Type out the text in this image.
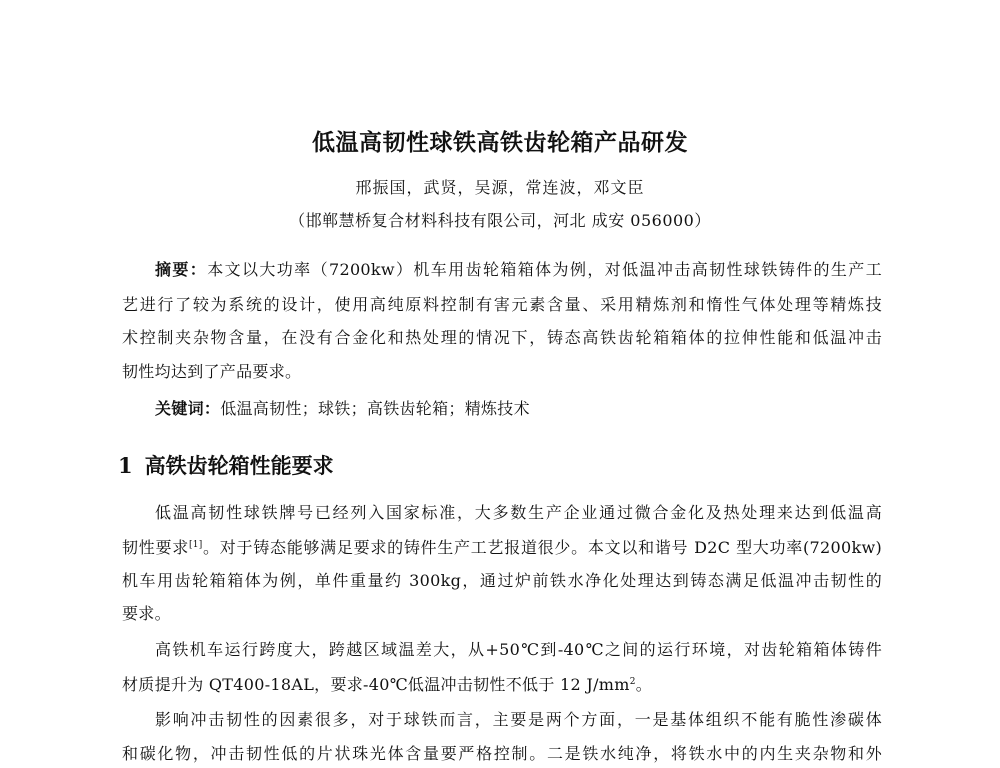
低温高韧性球铁高铁齿轮箱产品研发
邢振国，武贤，吴源，常连波，邓文臣
（邯郸慧桥复合材料科技有限公司，河北 成安 056000）
摘要：本文以大功率（7200kw）机车用齿轮箱箱体为例，对低温冲击高韧性球铁铸件的生产工
艺进行了较为系统的设计，使用高纯原料控制有害元素含量、采用精炼剂和惰性气体处理等精炼技
术控制夹杂物含量，在没有合金化和热处理的情况下，铸态高铁齿轮箱箱体的拉伸性能和低温冲击
韧性均达到了产品要求。
关键词：低温高韧性；球铁；高铁齿轮箱；精炼技术
1 高铁齿轮箱性能要求
低温高韧性球铁牌号已经列入国家标准，大多数生产企业通过微合金化及热处理来达到低温高
韧性要求[1]。对于铸态能够满足要求的铸件生产工艺报道很少。本文以和谐号 D2C 型大功率(7200kw)
机车用齿轮箱箱体为例，单件重量约 300kg，通过炉前铁水净化处理达到铸态满足低温冲击韧性的
要求。
高铁机车运行跨度大，跨越区域温差大，从+50℃到-40℃之间的运行环境，对齿轮箱箱体铸件
材质提升为 QT400-18AL，要求-40℃低温冲击韧性不低于 12 $J/mm^2$。
影响冲击韧性的因素很多，对于球铁而言，主要是两个方面，一是基体组织不能有脆性渗碳体
和碳化物，冲击韧性低的片状珠光体含量要严格控制。二是铁水纯净，将铁水中的内生夹杂物和外
